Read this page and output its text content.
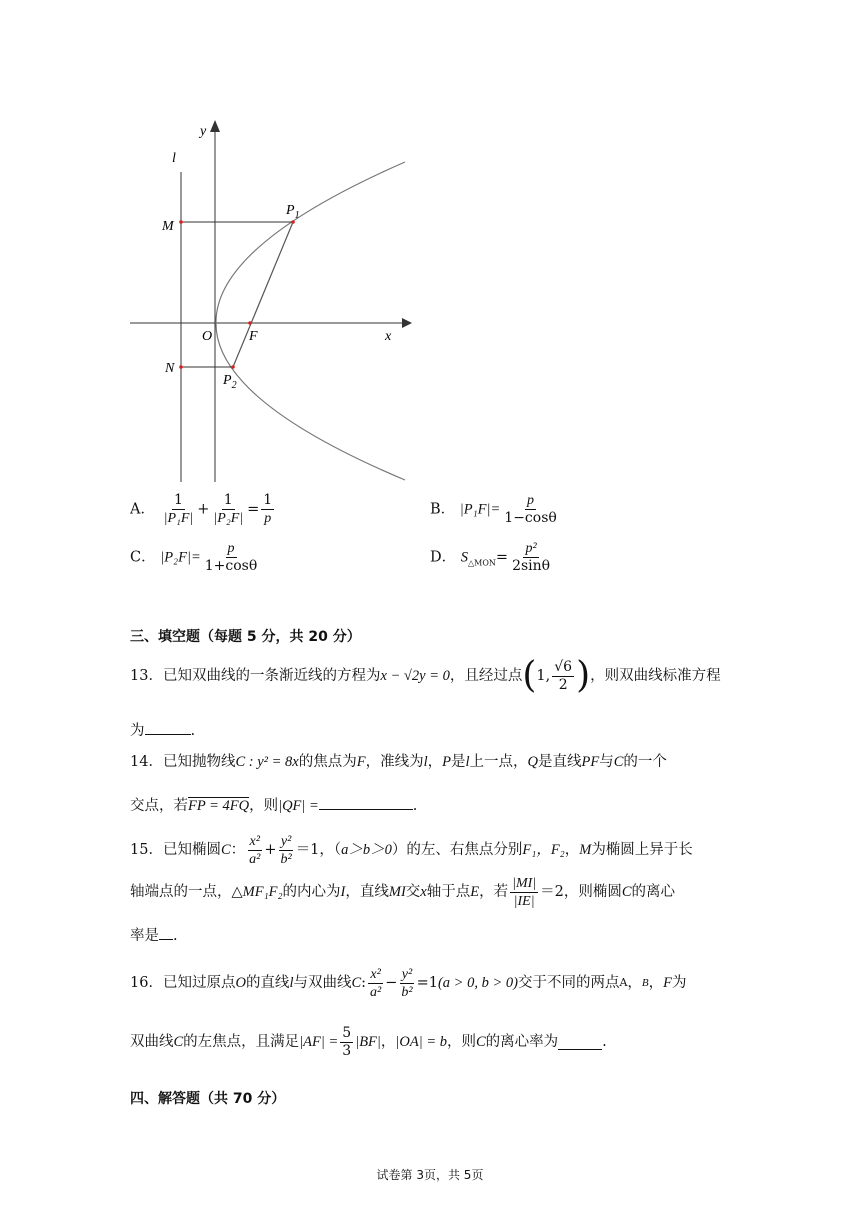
y
l
M
N
$P_1$
$P_2$
O	F	x
A． $\frac{1}{\text{|P₁F|}} + \frac{1}{\text{|P₂F|}} = \frac{1}{p}$	B． $|P_1F|= \frac{p}{1-\cos\theta}$
C． $|P_2F|= \frac{p}{1+\cos\theta}$	D． $S_{\triangle MON}= \frac{\text{p²}}{2\sin\theta}$
三、填空题（每题 5 分，共 20 分）
13．已知双曲线的一条渐近线的方程为 x − √2y = 0 ，且经过点 ( 1, $\frac{√6}{2}$ ) ，则双曲线标准方程
为	.
14．已知抛物线C : y² = 8x的焦点为F，准线为l，P是l上一点，Q是直线PF与C的一个
交点，若FP = 4FQ，则|QF| =	.
15．已知椭圆 C ： $\frac{\text{x²}}{\text{a²}} + \frac{\text{y²}}{\text{b²}} =1$，（ a＞b＞0 ）的左、右焦点分别 F₁，F₂ ， M 为椭圆上异于长
轴端点的一点，△ MF₁F₂ 的内心为 I ，直线 MI 交 x 轴于点 E ，若 $\frac{|MI|}{|IE|} =2$，则椭圆 C 的离心
率是 .
16．已知过原点 O 的直线 l 与双曲线 C : $\frac{\text{x²}}{\text{a²}} - \frac{\text{y²}}{\text{b²}} =1$ (a > 0, b > 0) 交于不同的两点 A ， B ， F 为
双曲线 C 的左焦点，且满足 $|AF| = \frac{5}{3} |BF|$ ， |OA| = b ，则 C 的离心率为	.
四、解答题（共 70 分）
试卷第 3页，共 5页
